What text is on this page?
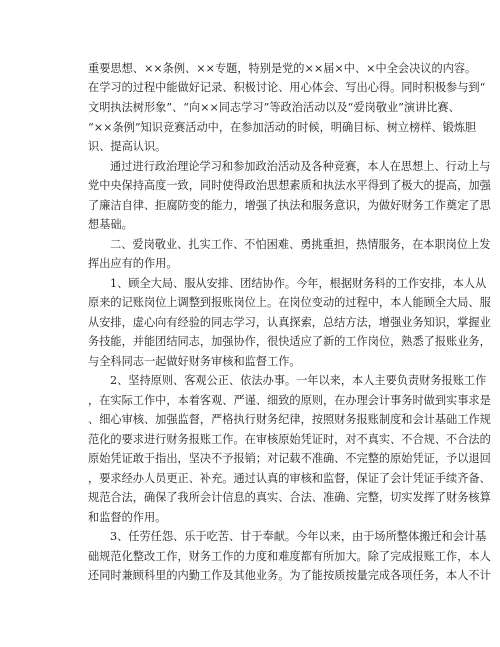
重要思想、××条例、××专题，特别是党的××届×中、×中全会决议的内容。
在学习的过程中能做好记录、积极讨论、用心体会、写出心得。同时积极参与到“
文明执法树形象”、“向××同志学习”等政治活动以及“爱岗敬业”演讲比赛、
“××条例”知识竞赛活动中，在参加活动的时候，明确目标、树立榜样、锻炼胆
识、提高认识。
通过进行政治理论学习和参加政治活动及各种竞赛，本人在思想上、行动上与
党中央保持高度一致，同时使得政治思想素质和执法水平得到了极大的提高，加强
了廉洁自律、拒腐防变的能力，增强了执法和服务意识，为做好财务工作奠定了思
想基础。
二、爱岗敬业、扎实工作、不怕困难、勇挑重担，热情服务，在本职岗位上发
挥出应有的作用。
1、顾全大局、服从安排、团结协作。今年，根据财务科的工作安排，本人从
原来的记账岗位上调整到报账岗位上。在岗位变动的过程中，本人能顾全大局、服
从安排，虚心向有经验的同志学习，认真探索，总结方法，增强业务知识，掌握业
务技能，并能团结同志，加强协作，很快适应了新的工作岗位，熟悉了报账业务，
与全科同志一起做好财务审核和监督工作。
2、坚持原则、客观公正、依法办事。一年以来，本人主要负责财务报账工作
，在实际工作中，本着客观、严谨、细致的原则，在办理会计事务时做到实事求是
、细心审核、加强监督，严格执行财务纪律，按照财务报账制度和会计基础工作规
范化的要求进行财务报账工作。在审核原始凭证时，对不真实、不合规、不合法的
原始凭证敢于指出，坚决不予报销；对记载不准确、不完整的原始凭证，予以退回
，要求经办人员更正、补充。通过认真的审核和监督，保证了会计凭证手续齐备、
规范合法，确保了我所会计信息的真实、合法、准确、完整，切实发挥了财务核算
和监督的作用。
3、任劳任怨、乐于吃苦、甘于奉献。今年以来，由于场所整体搬迁和会计基
础规范化整改工作，财务工作的力度和难度都有所加大。除了完成报账工作，本人
还同时兼顾科里的内勤工作及其他业务。为了能按质按量完成各项任务，本人不计
